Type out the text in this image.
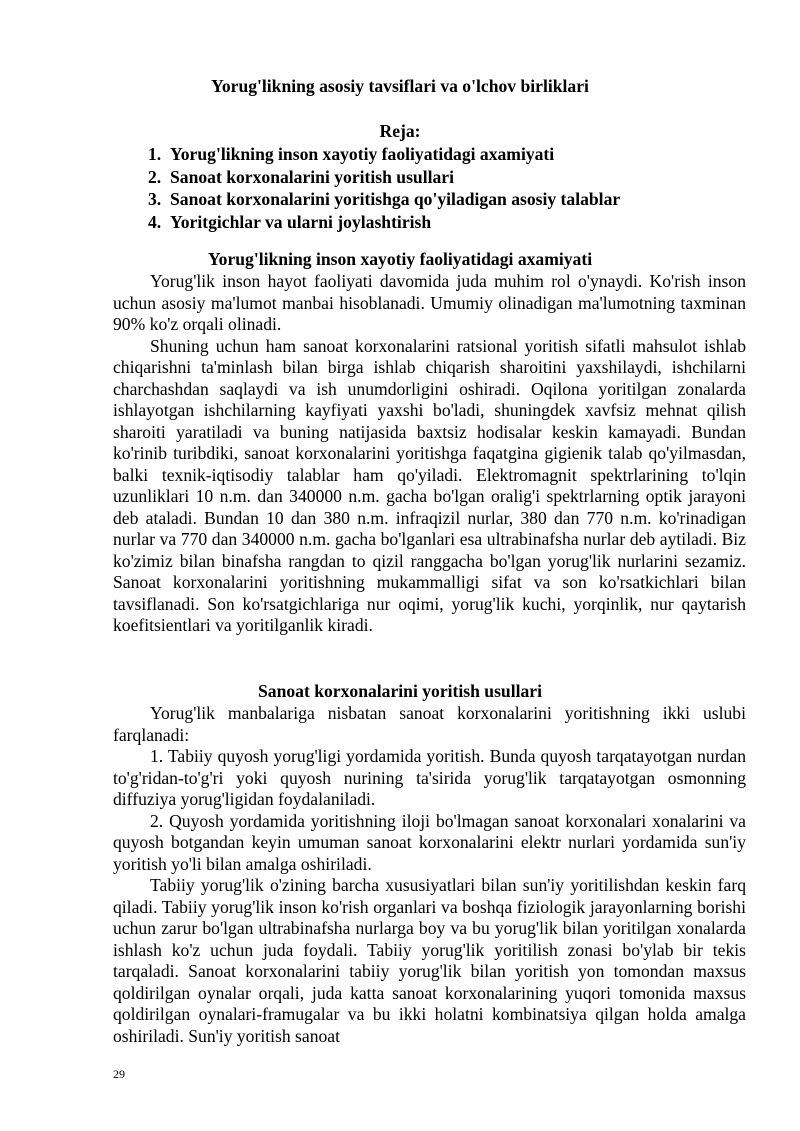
Yorug'likning asosiy tavsiflari va o'lchov birliklari
Reja:
1. Yorug'likning inson xayotiy faoliyatidagi axamiyati
2. Sanoat korxonalarini yoritish usullari
3. Sanoat korxonalarini yoritishga qo'yiladigan asosiy talablar
4. Yoritgichlar va ularni joylashtirish
Yorug'likning inson xayotiy faoliyatidagi axamiyati

Yorug'lik inson hayot faoliyati davomida juda muhim rol o'ynaydi. Ko'rish inson uchun asosiy ma'lumot manbai hisoblanadi. Umumiy olinadigan ma'lumotning taxminan 90% ko'z orqali olinadi.

Shuning uchun ham sanoat korxonalarini ratsional yoritish sifatli mahsulot ishlab chiqarishni ta'minlash bilan birga ishlab chiqarish sharoitini yaxshilaydi, ishchilarni charchashdan saqlaydi va ish unumdorligini oshiradi. Oqilona yoritilgan zonalarda ishlayotgan ishchilarning kayfiyati yaxshi bo'ladi, shuningdek xavfsiz mehnat qilish sharoiti yaratiladi va buning natijasida baxtsiz hodisalar keskin kamayadi. Bundan ko'rinib turibdiki, sanoat korxonalarini yoritishga faqatgina gigienik talab qo'yilmasdan, balki texnik-iqtisodiy talablar ham qo'yiladi. Elektromagnit spektrlarining to'lqin uzunliklari 10 n.m. dan 340000 n.m. gacha bo'lgan oralig'i spektrlarning optik jarayoni deb ataladi. Bundan 10 dan 380 n.m. infraqizil nurlar, 380 dan 770 n.m. ko'rinadigan nurlar va 770 dan 340000 n.m. gacha bo'lganlari esa ultrabinafsha nurlar deb aytiladi. Biz ko'zimiz bilan binafsha rangdan to qizil ranggacha bo'lgan yorug'lik nurlarini sezamiz. Sanoat korxonalarini yoritishning mukammalligi sifat va son ko'rsatkichlari bilan tavsiflanadi. Son ko'rsatgichlariga nur oqimi, yorug'lik kuchi, yorqinlik, nur qaytarish koefitsientlari va yoritilganlik kiradi.

Sanoat korxonalarini yoritish usullari

Yorug'lik manbalariga nisbatan sanoat korxonalarini yoritishning ikki uslubi farqlanadi:

1. Tabiiy quyosh yorug'ligi yordamida yoritish. Bunda quyosh tarqatayotgan nurdan to'g'ridan-to'g'ri yoki quyosh nurining ta'sirida yorug'lik tarqatayotgan osmonning diffuziya yorug'ligidan foydalaniladi.

2. Quyosh yordamida yoritishning iloji bo'lmagan sanoat korxonalari xonalarini va quyosh botgandan keyin umuman sanoat korxonalarini elektr nurlari yordamida sun'iy yoritish yo'li bilan amalga oshiriladi.

Tabiiy yorug'lik o'zining barcha xususiyatlari bilan sun'iy yoritilishdan keskin farq qiladi. Tabiiy yorug'lik inson ko'rish organlari va boshqa fiziologik jarayonlarning borishi uchun zarur bo'lgan ultrabinafsha nurlarga boy va bu yorug'lik bilan yoritilgan xonalarda ishlash ko'z uchun juda foydali. Tabiiy yorug'lik yoritilish zonasi bo'ylab bir tekis tarqaladi. Sanoat korxonalarini tabiiy yorug'lik bilan yoritish yon tomondan maxsus qoldirilgan oynalar orqali, juda katta sanoat korxonalarining yuqori tomonida maxsus qoldirilgan oynalari-framugalar va bu ikki holatni kombinatsiya qilgan holda amalga oshiriladi. Sun'iy yoritish sanoat

29
